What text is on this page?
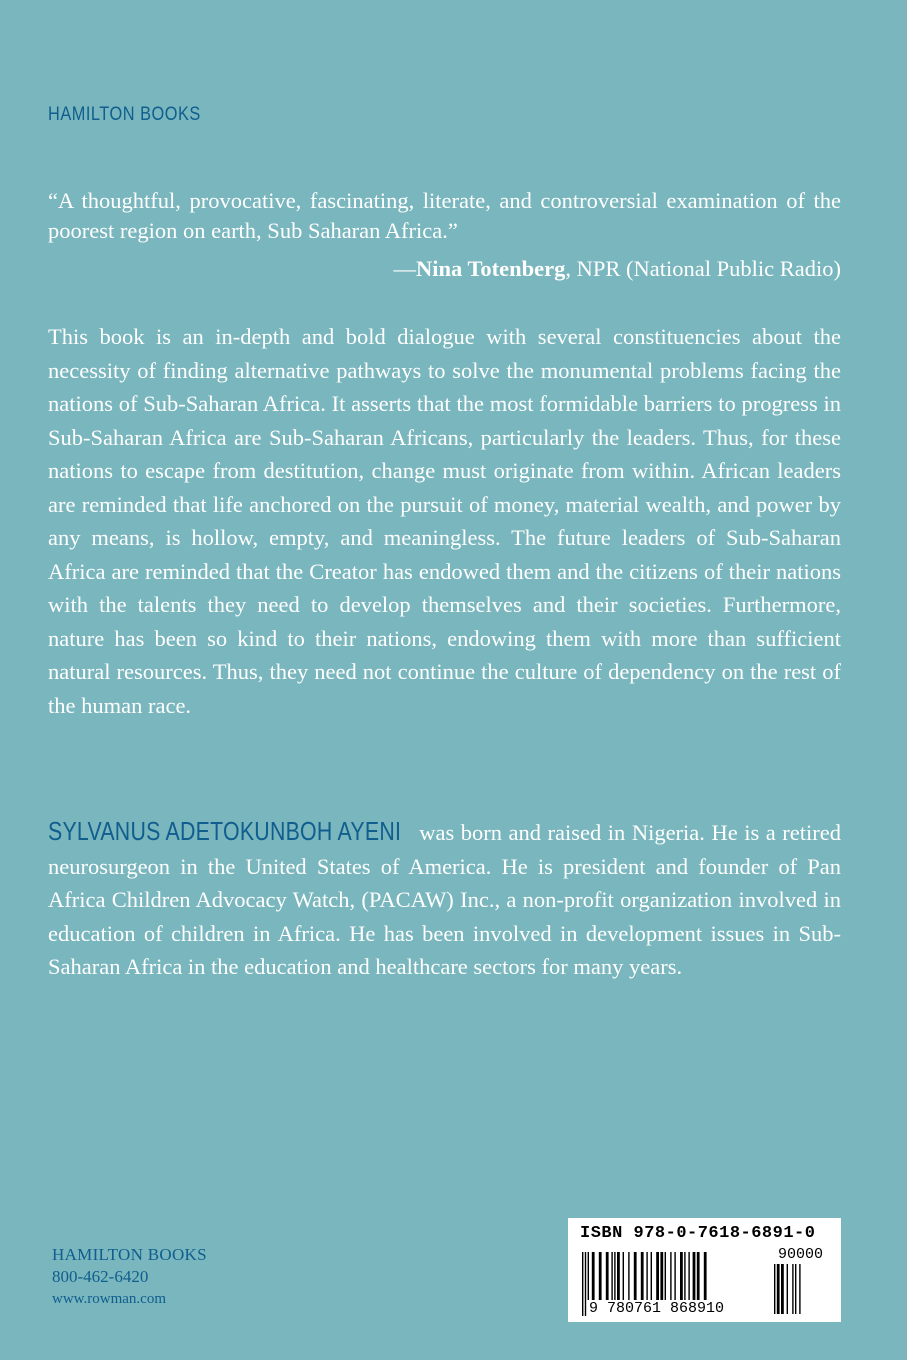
HAMILTON BOOKS
“A thoughtful, provocative, fascinating, literate, and controversial examination of the poorest region on earth, Sub Saharan Africa.”
—Nina Totenberg, NPR (National Public Radio)
This book is an in-depth and bold dialogue with several constituencies about the necessity of finding alternative pathways to solve the monumental problems facing the nations of Sub-Saharan Africa. It asserts that the most formidable barriers to progress in Sub-Saharan Africa are Sub-Saharan Africans, particularly the leaders. Thus, for these nations to escape from destitution, change must originate from within. African leaders are reminded that life anchored on the pursuit of money, material wealth, and power by any means, is hollow, empty, and meaningless. The future leaders of Sub-Saharan Africa are reminded that the Creator has endowed them and the citizens of their nations with the talents they need to develop themselves and their societies. Furthermore, nature has been so kind to their nations, endowing them with more than sufficient natural resources. Thus, they need not continue the culture of dependency on the rest of the human race.
SYLVANUS ADETOKUNBOH AYENI was born and raised in Nigeria. He is a retired neurosurgeon in the United States of America. He is president and founder of Pan Africa Children Advocacy Watch, (PACAW) Inc., a non-profit organization involved in education of children in Africa. He has been involved in development issues in Sub-Saharan Africa in the education and healthcare sectors for many years.
HAMILTON BOOKS
800-462-6420
www.rowman.com
ISBN 978-0-7618-6891-0
90000
9 780761 868910
